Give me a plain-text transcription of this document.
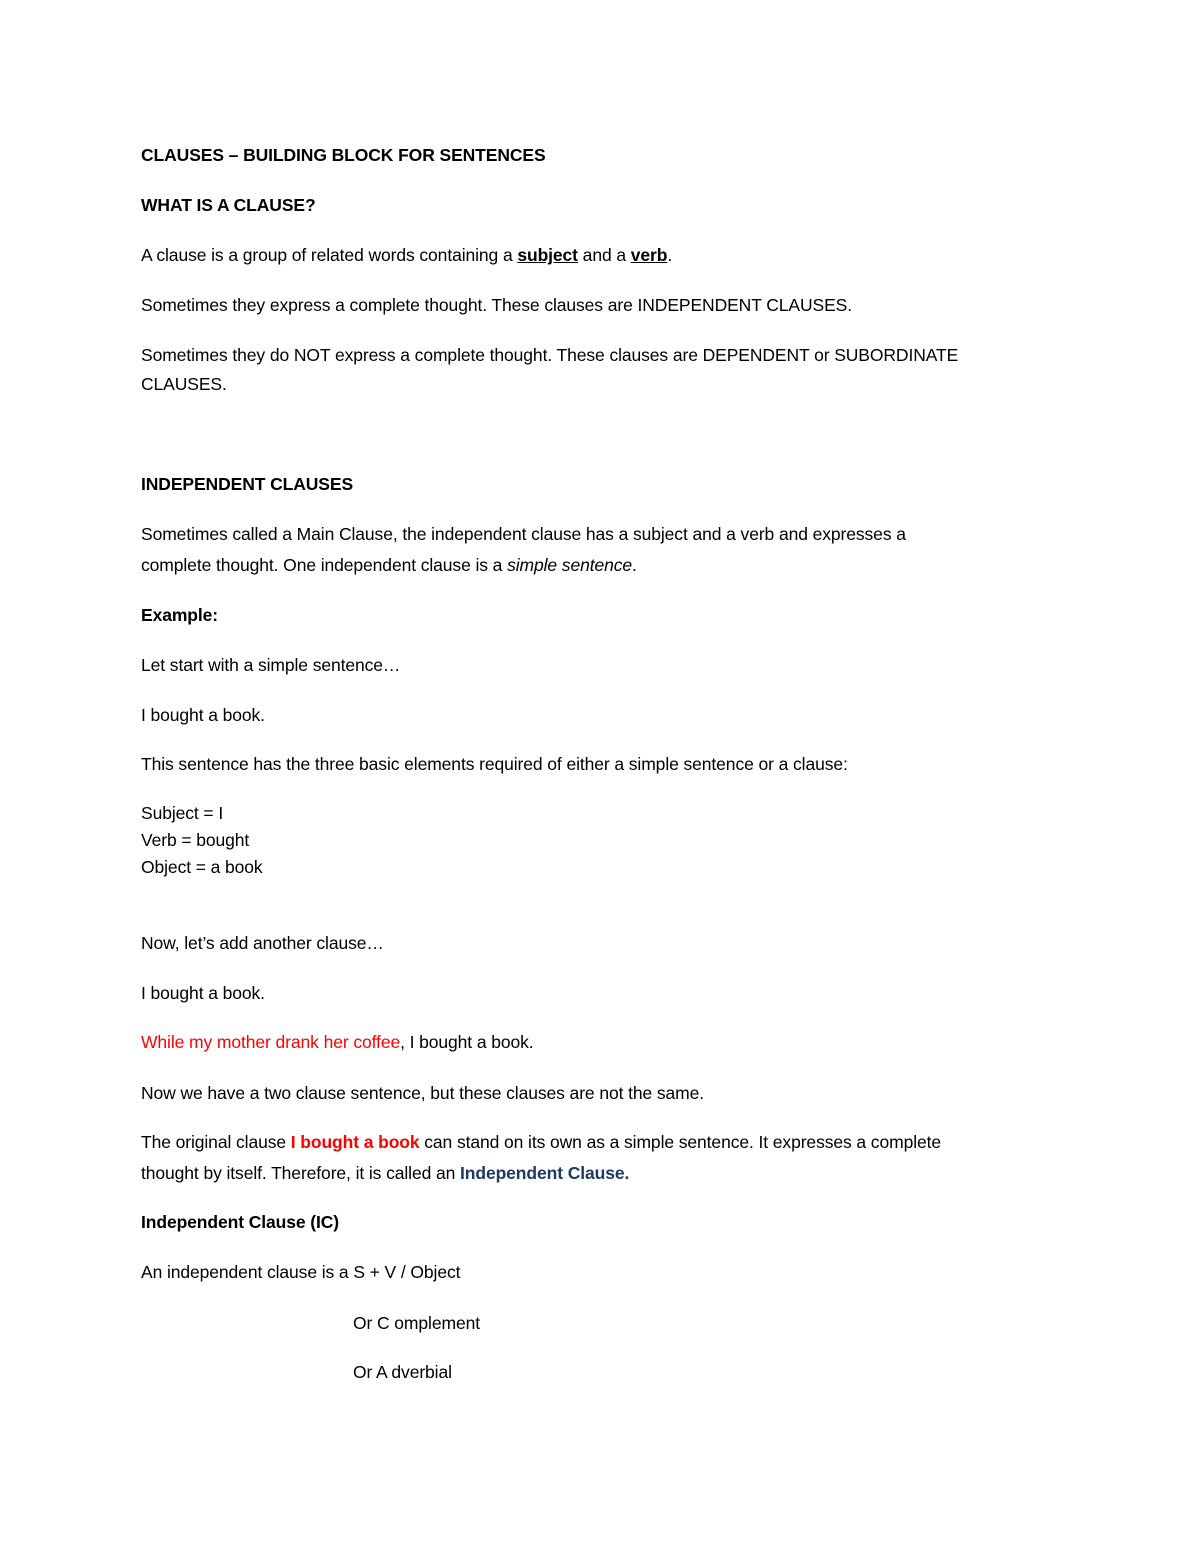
CLAUSES – BUILDING BLOCK FOR SENTENCES
WHAT IS A CLAUSE?
A clause is a group of related words containing a subject and a verb.
Sometimes they express a complete thought. These clauses are INDEPENDENT CLAUSES.
Sometimes they do NOT express a complete thought. These clauses are DEPENDENT or SUBORDINATE
CLAUSES.
INDEPENDENT CLAUSES
Sometimes called a Main Clause, the independent clause has a subject and a verb and expresses a
complete thought. One independent clause is a simple sentence.
Example:
Let start with a simple sentence…
I bought a book.
This sentence has the three basic elements required of either a simple sentence or a clause:
Subject = I
Verb = bought
Object = a book
Now, let’s add another clause…
I bought a book.
While my mother drank her coffee, I bought a book.
Now we have a two clause sentence, but these clauses are not the same.
The original clause I bought a book can stand on its own as a simple sentence. It expresses a complete
thought by itself. Therefore, it is called an Independent Clause.
Independent Clause (IC)
An independent clause is a S + V / Object
Or C omplement
Or A dverbial
